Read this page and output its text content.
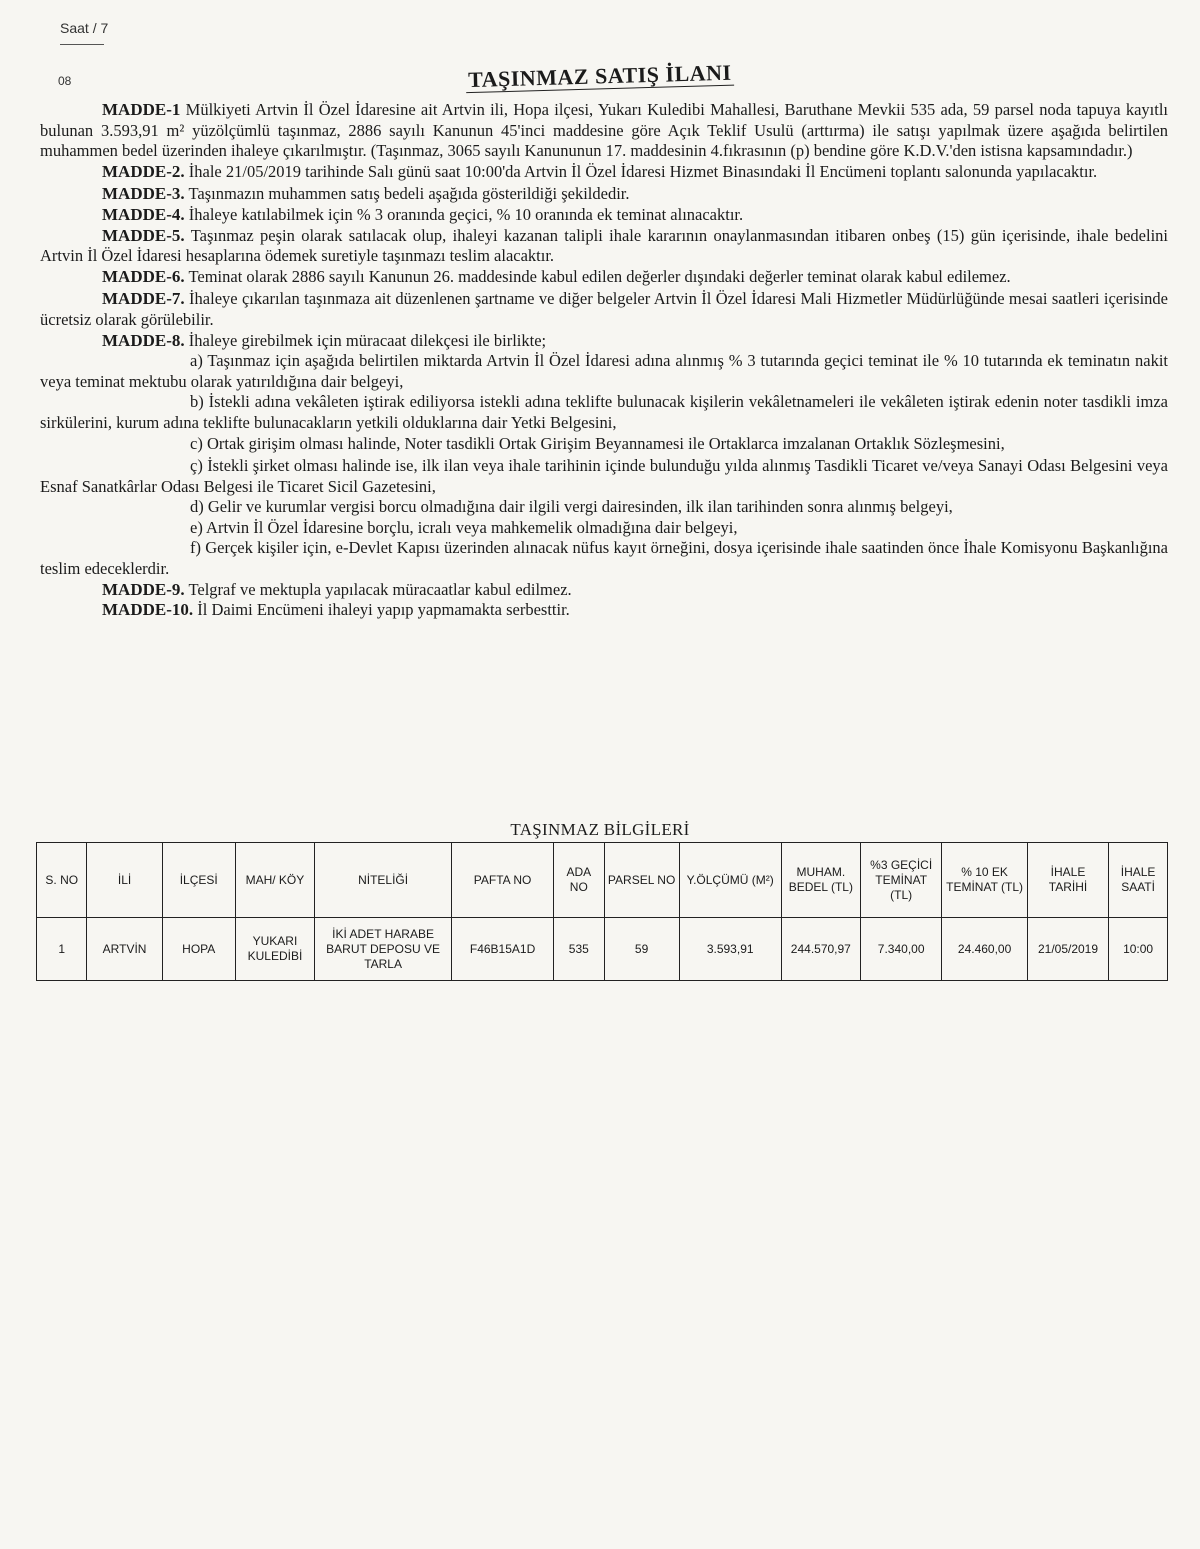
Saat / 7
08	TAŞINMAZ SATIŞ İLANI

MADDE-1 Mülkiyeti Artvin İl Özel İdaresine ait Artvin ili, Hopa ilçesi, Yukarı Kuledibi Mahallesi, Baruthane Mevkii 535 ada, 59 parsel noda tapuya kayıtlı bulunan 3.593,91 m² yüzölçümlü taşınmaz, 2886 sayılı Kanunun 45'inci maddesine göre Açık Teklif Usulü (arttırma) ile satışı yapılmak üzere aşağıda belirtilen muhammen bedel üzerinden ihaleye çıkarılmıştır. (Taşınmaz, 3065 sayılı Kanununun 17. maddesinin 4.fıkrasının (p) bendine göre K.D.V.'den istisna kapsamındadır.)

MADDE-2. İhale 21/05/2019 tarihinde Salı günü saat 10:00'da Artvin İl Özel İdaresi Hizmet Binasındaki İl Encümeni toplantı salonunda yapılacaktır.

MADDE-3. Taşınmazın muhammen satış bedeli aşağıda gösterildiği şekildedir.

MADDE-4. İhaleye katılabilmek için % 3 oranında geçici, % 10 oranında ek teminat alınacaktır.

MADDE-5. Taşınmaz peşin olarak satılacak olup, ihaleyi kazanan talipli ihale kararının onaylanmasından itibaren onbeş (15) gün içerisinde, ihale bedelini Artvin İl Özel İdaresi hesaplarına ödemek suretiyle taşınmazı teslim alacaktır.

MADDE-6. Teminat olarak 2886 sayılı Kanunun 26. maddesinde kabul edilen değerler dışındaki değerler teminat olarak kabul edilemez.

MADDE-7. İhaleye çıkarılan taşınmaza ait düzenlenen şartname ve diğer belgeler Artvin İl Özel İdaresi Mali Hizmetler Müdürlüğünde mesai saatleri içerisinde ücretsiz olarak görülebilir.

MADDE-8. İhaleye girebilmek için müracaat dilekçesi ile birlikte;

a) Taşınmaz için aşağıda belirtilen miktarda Artvin İl Özel İdaresi adına alınmış % 3 tutarında geçici teminat ile % 10 tutarında ek teminatın nakit veya teminat mektubu olarak yatırıldığına dair belgeyi,

b) İstekli adına vekâleten iştirak ediliyorsa istekli adına teklifte bulunacak kişilerin vekâletnameleri ile vekâleten iştirak edenin noter tasdikli imza sirkülerini, kurum adına teklifte bulunacakların yetkili olduklarına dair Yetki Belgesini,

c) Ortak girişim olması halinde, Noter tasdikli Ortak Girişim Beyannamesi ile Ortaklarca imzalanan Ortaklık Sözleşmesini,

ç) İstekli şirket olması halinde ise, ilk ilan veya ihale tarihinin içinde bulunduğu yılda alınmış Tasdikli Ticaret ve/veya Sanayi Odası Belgesini veya Esnaf Sanatkârlar Odası Belgesi ile Ticaret Sicil Gazetesini,

d) Gelir ve kurumlar vergisi borcu olmadığına dair ilgili vergi dairesinden, ilk ilan tarihinden sonra alınmış belgeyi,

e) Artvin İl Özel İdaresine borçlu, icralı veya mahkemelik olmadığına dair belgeyi,

f) Gerçek kişiler için, e-Devlet Kapısı üzerinden alınacak nüfus kayıt örneğini, dosya içerisinde ihale saatinden önce İhale Komisyonu Başkanlığına teslim edeceklerdir.

MADDE-9. Telgraf ve mektupla yapılacak müracaatlar kabul edilmez.

MADDE-10. İl Daimi Encümeni ihaleyi yapıp yapmamakta serbesttir.

TAŞINMAZ BİLGİLERİ
S. NO	İLİ	İLÇESİ	MAH/ KÖY	NİTELİĞİ	PAFTA NO	ADA NO	PARSEL NO	Y.ÖLÇÜMÜ (M²)	MUHAM. BEDEL (TL)	%3 GEÇİCİ TEMİNAT (TL)	% 10 EK TEMİNAT (TL)	İHALE TARİHİ	İHALE SAATİ
1	ARTVİN	HOPA	YUKARI KULEDİBİ	İKİ ADET HARABE BARUT DEPOSU VE TARLA	F46B15A1D	535	59	3.593,91	244.570,97	7.340,00	24.460,00	21/05/2019	10:00
